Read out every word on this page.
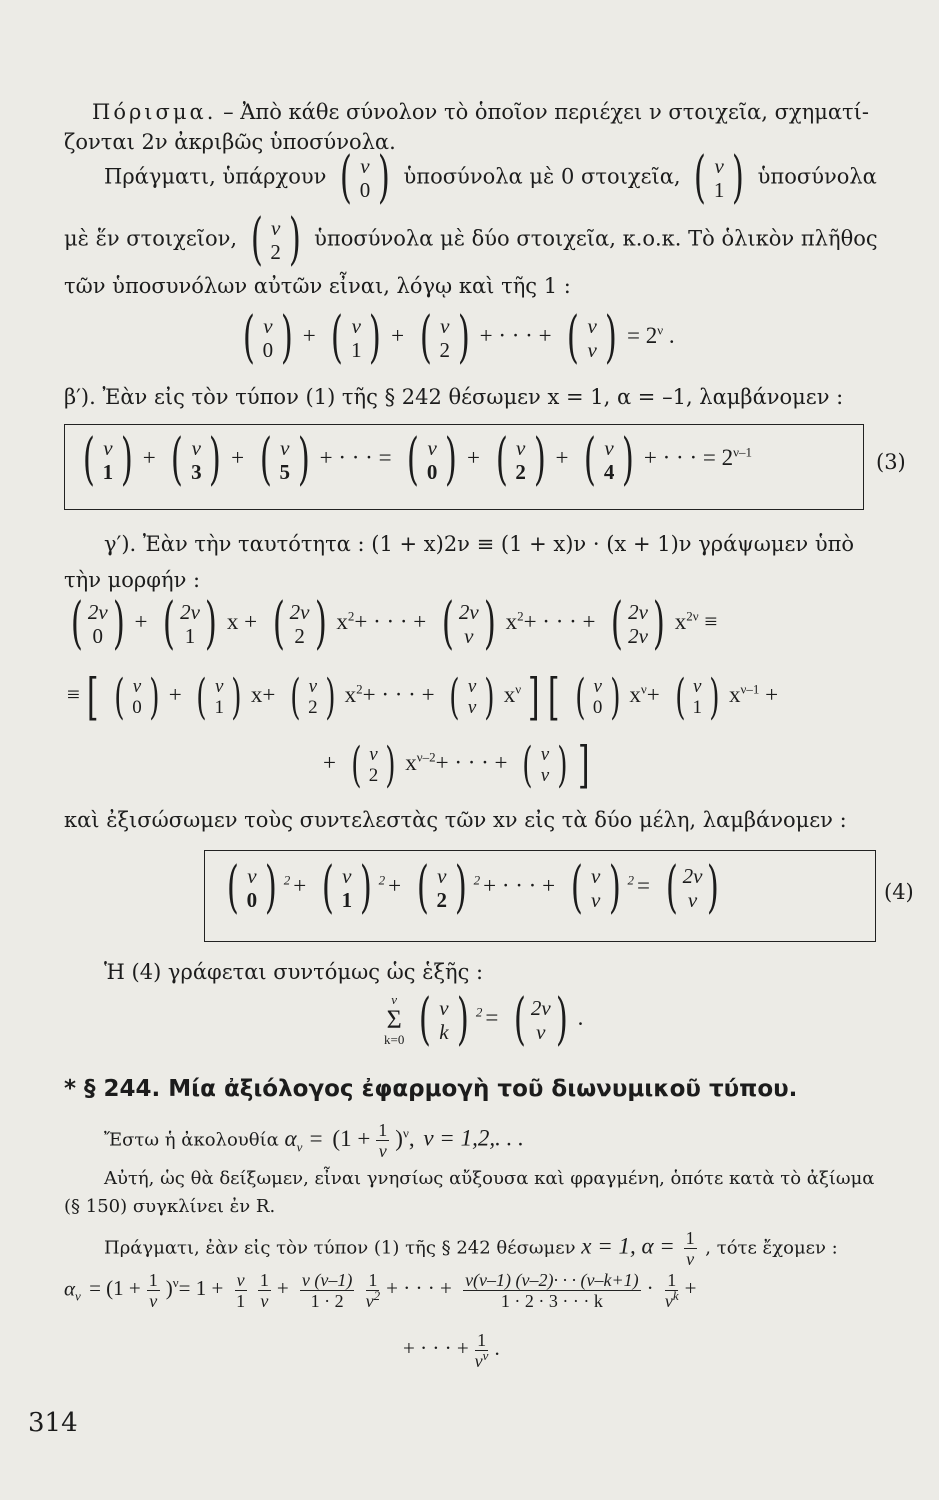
Πόρισμα. – Ἀπὸ κάθε σύνολον τὸ ὁποῖον περιέχει ν στοιχεῖα, σχηματί-
ζονται 2ν ἀκριβῶς ὑποσύνολα.
Πράγματι, ὑπάρχουν ( ν
0 ) ὑποσύνολα μὲ 0 στοιχεῖα, ( ν
1 ) ὑποσύνολα
μὲ ἕν στοιχεῖον, ( ν
2 ) ὑποσύνολα μὲ δύο στοιχεῖα, κ.ο.κ. Τὸ ὁλικὸν πλῆθος
τῶν ὑποσυνόλων αὐτῶν εἶναι, λόγῳ καὶ τῆς 1 :
( ν
0 ) + ( ν
1 ) + ( ν
2 ) + · · · + ( ν
ν ) = $2^\nu$ .
β′). Ἐὰν εἰς τὸν τύπον (1) τῆς § 242 θέσωμεν x = 1, α = –1, λαμβάνομεν :
( ν
1 ) + ( ν
3 ) + ( ν
5 ) + · · · = ( ν
0 ) + ( ν
2 ) + ( ν
4 ) + · · · = $2^{\nu-1}$	(3)
γ′). Ἐὰν τὴν ταυτότητα : (1 + x)2ν ≡ (1 + x)ν · (x + 1)ν γράψωμεν ὑπὸ
τὴν μορφήν :
( 2ν
0 ) + ( 2ν
1 ) x + ( 2ν
2 ) $x^2+$ · · · + ( 2ν
ν ) $x^2+$ · · · + ( 2ν
2ν ) $x^{2\nu}$ ≡
≡ [ ( ν
0 ) + ( ν
1 ) x+ ( ν
2 ) $x^2+$ · · · + ( ν
ν ) $x^\nu$ ] [ ( ν
0 ) $x^\nu+$ ( ν
1 ) $x^{\nu-1}$ +
+ ( ν
2 ) $x^{\nu-2}+$ · · · + ( ν
ν ) ]
καὶ ἐξισώσωμεν τοὺς συντελεστὰς τῶν xν εἰς τὰ δύο μέλη, λαμβάνομεν :
( ν
0 ) $^2$ + ( ν
1 ) $^2$ + ( ν
2 ) $^2$ + · · · + ( ν
ν ) $^2$ = ( 2ν
ν )	(4)
Ἡ (4) γράφεται συντόμως ὡς ἑξῆς :
ν
Σ
k=0
( ν
k ) $^2$ = ( 2ν
ν ) .
* § 244. Μία ἀξιόλογος ἐφαρμογὴ τοῦ διωνυμικοῦ τύπου.
Ἔστω ἡ ἀκολουθία $\alpha_\nu = (1 + \frac{1}{\nu} )^\nu$, ν = 1,2,. . .
Αὐτή, ὡς θὰ δείξωμεν, εἶναι γνησίως αὔξουσα καὶ φραγμένη, ὁπότε κατὰ τὸ ἀξίωμα
(§ 150) συγκλίνει ἐν R.
Πράγματι, ἐὰν εἰς τὸν τύπον (1) τῆς § 242 θέσωμεν x = 1, $\alpha = \frac{1}{\nu}$ , τότε ἔχομεν :
$\alpha_\nu = (1 + \frac{1}{\nu} )^\nu= 1 + \frac{\nu}{1}$
$\frac{1}{\nu} + \frac{\nu (\nu-1)}{1 \cdot 2}$
$\frac{1}{\nu^2}$ + · · · + $\frac{\nu(\nu-1) (\nu-2)\cdot \cdot \cdot (\nu-k+1)}{1 \cdot 2 \cdot 3 \cdot \cdot \cdot k} \cdot \frac{1}{\nu^k}$ +
+ · · · + $\frac{1}{\nu^\nu}$ .
314
